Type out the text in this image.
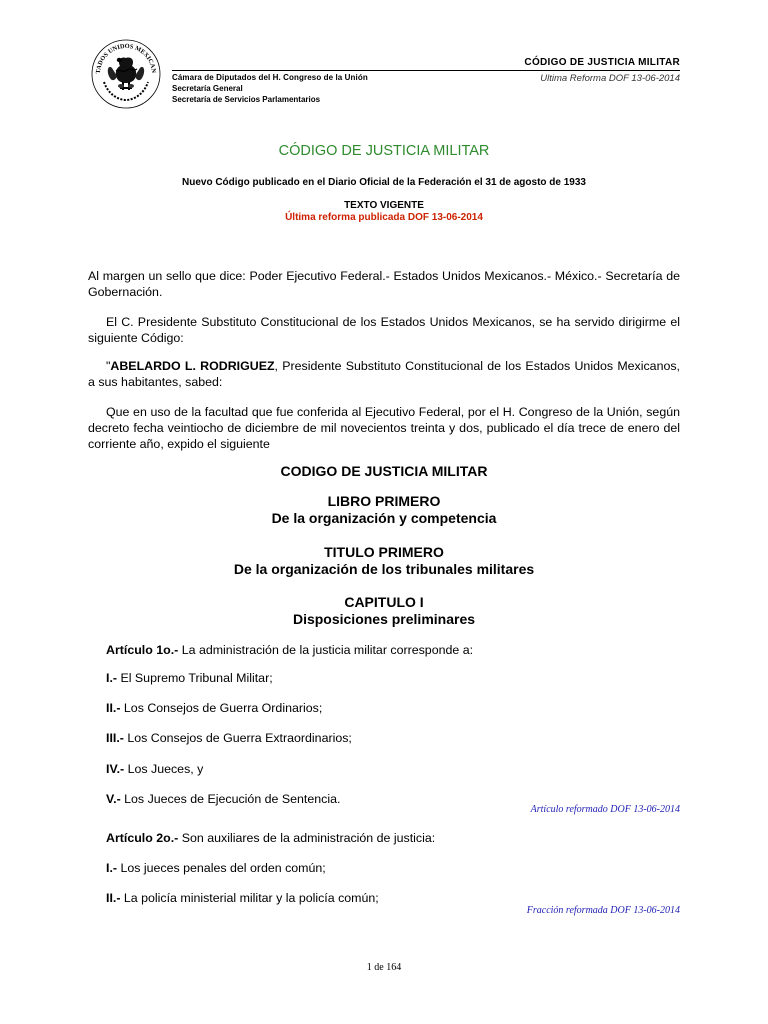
TADOS UNIDOS MEXICAN
Cámara de Diputados del H. Congreso de la Unión
Secretaría General
Secretaría de Servicios Parlamentarios
CÓDIGO DE JUSTICIA MILITAR
Ultima Reforma DOF 13-06-2014
CÓDIGO DE JUSTICIA MILITAR
Nuevo Código publicado en el Diario Oficial de la Federación el 31 de agosto de 1933
TEXTO VIGENTE
Última reforma publicada DOF 13-06-2014
Al margen un sello que dice: Poder Ejecutivo Federal.- Estados Unidos Mexicanos.- México.- Secretaría de Gobernación.
El C. Presidente Substituto Constitucional de los Estados Unidos Mexicanos, se ha servido dirigirme el siguiente Código:
"ABELARDO L. RODRIGUEZ, Presidente Substituto Constitucional de los Estados Unidos Mexicanos, a sus habitantes, sabed:
Que en uso de la facultad que fue conferida al Ejecutivo Federal, por el H. Congreso de la Unión, según decreto fecha veintiocho de diciembre de mil novecientos treinta y dos, publicado el día trece de enero del corriente año, expido el siguiente
CODIGO DE JUSTICIA MILITAR
LIBRO PRIMERO
De la organización y competencia
TITULO PRIMERO
De la organización de los tribunales militares
CAPITULO I
Disposiciones preliminares
Artículo 1o.- La administración de la justicia militar corresponde a:
I.- El Supremo Tribunal Militar;
II.- Los Consejos de Guerra Ordinarios;
III.- Los Consejos de Guerra Extraordinarios;
IV.- Los Jueces, y
V.- Los Jueces de Ejecución de Sentencia.
Artículo reformado DOF 13-06-2014
Artículo 2o.- Son auxiliares de la administración de justicia:
I.- Los jueces penales del orden común;
II.- La policía ministerial militar y la policía común;
Fracción reformada DOF 13-06-2014
1 de 164
